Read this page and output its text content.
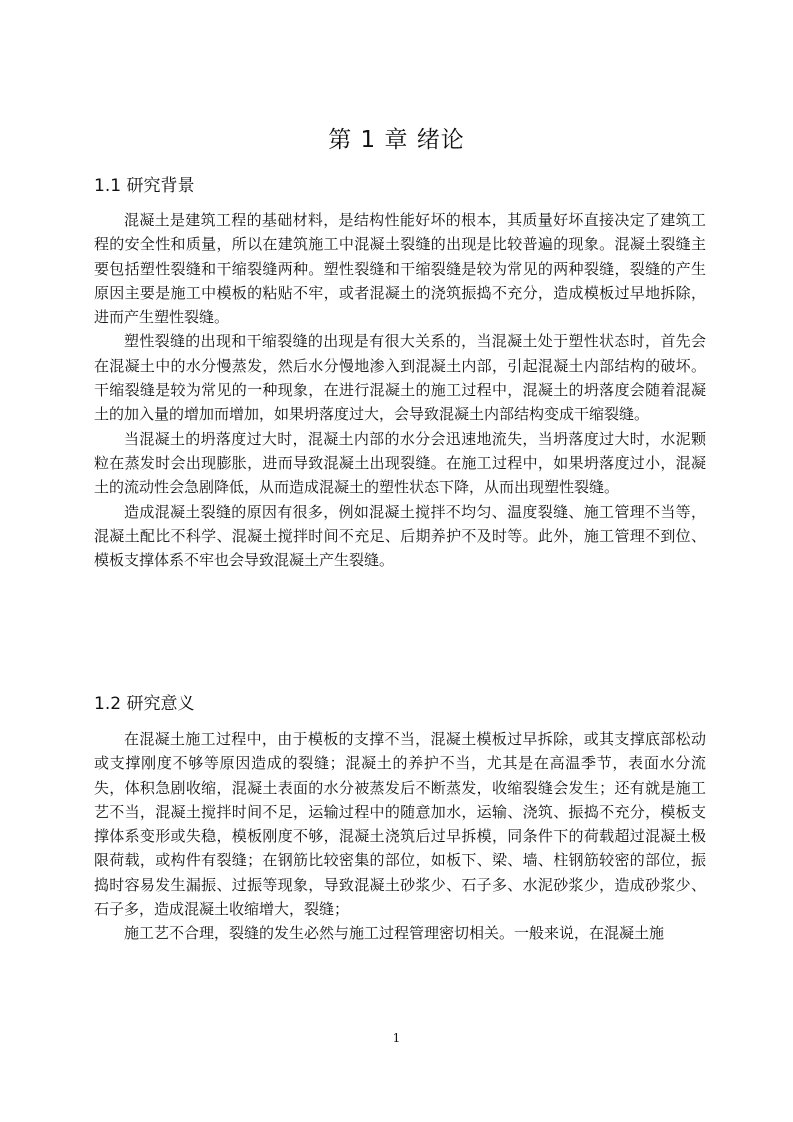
第 1 章 绪论
1.1 研究背景

混凝土是建筑工程的基础材料，是结构性能好坏的根本，其质量好坏直接决定了建筑工程的安全性和质量，所以在建筑施工中混凝土裂缝的出现是比较普遍的现象。混凝土裂缝主要包括塑性裂缝和干缩裂缝两种。塑性裂缝和干缩裂缝是较为常见的两种裂缝，裂缝的产生原因主要是施工中模板的粘贴不牢，或者混凝土的浇筑振捣不充分，造成模板过早地拆除，进而产生塑性裂缝。

塑性裂缝的出现和干缩裂缝的出现是有很大关系的，当混凝土处于塑性状态时，首先会在混凝土中的水分慢蒸发，然后水分慢地渗入到混凝土内部，引起混凝土内部结构的破坏。干缩裂缝是较为常见的一种现象，在进行混凝土的施工过程中，混凝土的坍落度会随着混凝土的加入量的增加而增加，如果坍落度过大，会导致混凝土内部结构变成干缩裂缝。

当混凝土的坍落度过大时，混凝土内部的水分会迅速地流失，当坍落度过大时，水泥颗粒在蒸发时会出现膨胀，进而导致混凝土出现裂缝。在施工过程中，如果坍落度过小，混凝土的流动性会急剧降低，从而造成混凝土的塑性状态下降，从而出现塑性裂缝。

造成混凝土裂缝的原因有很多，例如混凝土搅拌不均匀、温度裂缝、施工管理不当等，混凝土配比不科学、混凝土搅拌时间不充足、后期养护不及时等。此外，施工管理不到位、模板支撑体系不牢也会导致混凝土产生裂缝。

1.2 研究意义

在混凝土施工过程中，由于模板的支撑不当，混凝土模板过早拆除，或其支撑底部松动或支撑刚度不够等原因造成的裂缝；混凝土的养护不当，尤其是在高温季节，表面水分流失，体积急剧收缩，混凝土表面的水分被蒸发后不断蒸发，收缩裂缝会发生；还有就是施工艺不当，混凝土搅拌时间不足，运输过程中的随意加水，运输、浇筑、振捣不充分，模板支撑体系变形或失稳，模板刚度不够，混凝土浇筑后过早拆模，同条件下的荷载超过混凝土极限荷载，或构件有裂缝；在钢筋比较密集的部位，如板下、梁、墙、柱钢筋较密的部位，振捣时容易发生漏振、过振等现象，导致混凝土砂浆少、石子多、水泥砂浆少，造成砂浆少、石子多，造成混凝土收缩增大，裂缝；

施工艺不合理，裂缝的发生必然与施工过程管理密切相关。一般来说，在混凝土施

1
